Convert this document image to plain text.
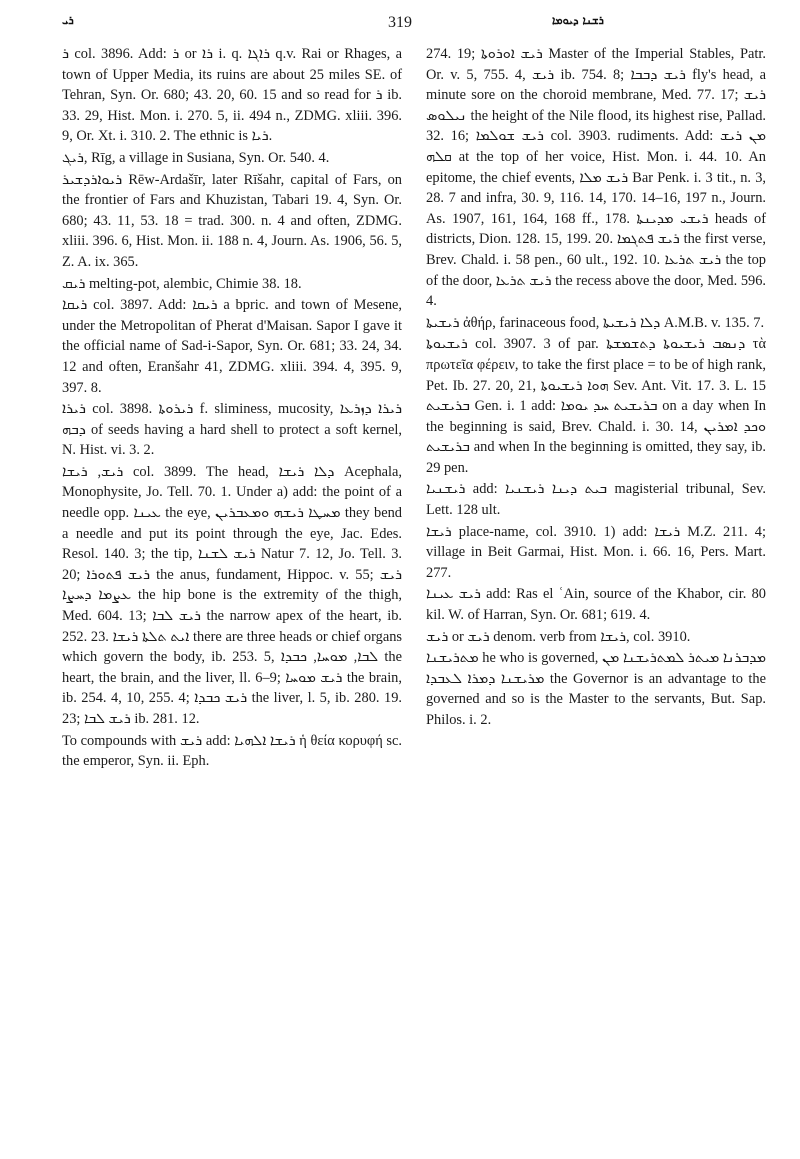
ܪܝ	319	ܪܫܢܐ ܕܝܘܡܐ

ܪ col. 3896. Add: ܪ or ܪܐ i. q. ܪܐܓܐ q.v. Rai or Rhages, a town of Upper Media, its ruins are about 25 miles SE. of Tehran, Syn. Or. 680; 43. 20, 60. 15 and so read for ܪ ib. 33. 29, Hist. Mon. i. 270. 5, ii. 494 n., ZDMG. xliii. 396. 9, Or. Xt. i. 310. 2. The ethnic is ܪܝܐ.

ܪܝܓ, Rīg, a village in Susiana, Syn. Or. 540. 4.

ܪܝܘܐܪܕܫܝܪ Rēw-Ardašīr, later Rīšahr, capital of Fars, on the frontier of Fars and Khuzistan, Tabari 19. 4, Syn. Or. 680; 43. 11, 53. 18 = trad. 300. n. 4 and often, ZDMG. xliii. 396. 6, Hist. Mon. ii. 188 n. 4, Journ. As. 1906, 56. 5, Z. A. ix. 365.

ܪܝܩ melting-pot, alembic, Chimie 38. 18.

ܪܝܩܐ col. 3897. Add: ܪܝܩܐ a bpric. and town of Mesene, under the Metropolitan of Pherat d'Maisan. Sapor I gave it the official name of Sad-i-Sapor, Syn. Or. 681; 33. 24, 34. 12 and often, Eranšahr 41, ZDMG. xliii. 394. 4, 395. 9, 397. 8.

ܪܝܪܐ col. 3898. ܪܝܪܘܬܐ f. sliminess, mucosity, ܪܝܪܐ ܕܙܪܥܐ ܕܒܗ of seeds having a hard shell to protect a soft kernel, N. Hist. vi. 3. 2.

ܪܝܫ, ܪܝܫܐ col. 3899. The head, ܕܠܐ ܪܝܫܐ Acephala, Monophysite, Jo. Tell. 70. 1. Under a) add: the point of a needle opp. ܥܝܢܐ the eye, ܡܚܛܐ ܪܝܫܗ ܘܡܥܒܪܝܢ they bend a needle and put its point through the eye, Jac. Edes. Resol. 140. 3; the tip, ܪܝܫ ܠܫܢܐ Natur 7. 12, Jo. Tell. 3. 20; ܪܝܫ ܦܬܘܪܐ the anus, fundament, Hippoc. v. 55; ܪܝܫ ܥܨܡܐ ܕܚܨܐ the hip bone is the extremity of the thigh, Med. 604. 13; ܪܝܫ ܠܒܐ the narrow apex of the heart, ib. 252. 23. ܐܝܬ ܬܠܬܐ ܪܝܫܐ there are three heads or chief organs which govern the body, ib. 253. 5, ܠܒܐ, ܡܘܚܐ, ܟܒܕܐ the heart, the brain, and the liver, ll. 6–9; ܪܝܫ ܡܘܚܐ the brain, ib. 254. 4, 10, 255. 4; ܪܝܫ ܟܒܕܐ the liver, l. 5, ib. 280. 19. 23; ܪܝܫ ܠܒܐ ib. 281. 12.

To compounds with ܪܝܫ add: ܪܝܫܐ ܐܠܗܝܐ ἡ θεία κορυφή sc. the emperor, Syn. ii. Eph.

274. 19; ܪܝܫ ܐܘܪܘܬܐ Master of the Imperial Stables, Patr. Or. v. 5, 755. 4, ܪܝܫ ib. 754. 8; ܪܝܫ ܕܒܒܐ fly's head, a minute sore on the choroid membrane, Med. 77. 17; ܪܝܫ ܢܝܠܘܣ the height of the Nile flood, its highest rise, Pallad. 32. 16; ܪܝܫ ܫܘܠܡܐ col. 3903. rudiments. Add: ܡܢ ܪܝܫ ܩܠܗ at the top of her voice, Hist. Mon. i. 44. 10. An epitome, the chief events, ܪܝܫ ܡܠܐ Bar Penk. i. 3 tit., n. 3, 28. 7 and infra, 30. 9, 116. 14, 170. 14–16, 197 n., Journ. As. 1907, 161, 164, 168 ff., 178. ܪܝܫܝ ܡܕܝܢܬܐ heads of districts, Dion. 128. 15, 199. 20. ܪܝܫ ܦܬܓܡܐ the first verse, Brev. Chald. i. 58 pen., 60 ult., 192. 10. ܪܝܫ ܬܪܥܐ the top of the door, ܪܝܫ ܬܪܥܐ the recess above the door, Med. 596. 4.

ܪܝܫܝܬܐ ἀθήρ, farinaceous food, ܕܠܐ ܪܝܫܝܬܐ A.M.B. v. 135. 7.

ܪܝܫܝܘܬܐ col. 3907. 3 of par. ܕܢܣܒ ܪܝܫܝܘܬܐ ܕܬܫܡܫܬܐ τὰ πρωτεῖα φέρειν, to take the first place = to be of high rank, Pet. Ib. 27. 20, 21, ܗܘܐ ܪܝܫܝܘܬܐ Sev. Ant. Vit. 17. 3. L. 15 ܒܪܝܫܝܬ Gen. i. 1 add: ܒܪܝܫܝܬ ܚܕ ܝܘܡܐ on a day when In the beginning is said, Brev. Chald. i. 30. 14, ܘܟܕ ܐܡܪܝܢ ܒܪܝܫܝܬ and when In the beginning is omitted, they say, ib. 29 pen.

ܪܝܫܢܝܐ add: ܒܝܬ ܕܝܢܐ ܪܝܫܢܝܐ magisterial tribunal, Sev. Lett. 128 ult.

ܪܝܫܐ place-name, col. 3910. 1) add: ܪܝܫܐ M.Z. 211. 4; village in Beit Garmai, Hist. Mon. i. 66. 16, Pers. Mart. 277.

ܪܝܫ ܥܝܢܐ add: Ras el ʿAin, source of the Khabor, cir. 80 kil. W. of Harran, Syn. Or. 681; 619. 4.

ܪܝܫ or ܪܝܫ denom. verb from ܪܝܫܐ, col. 3910.

ܡܬܪܝܫܢܐ he who is governed, ܡܕܒܪܢܐ ܡܝܬܪ ܠܡܬܪܝܫܢܐ ܡܢ ܡܪܝܫܢܐ ܕܡܪܐ ܠܥܒܕܐ the Governor is an advantage to the governed and so is the Master to the servants, But. Sap. Philos. i. 2.
